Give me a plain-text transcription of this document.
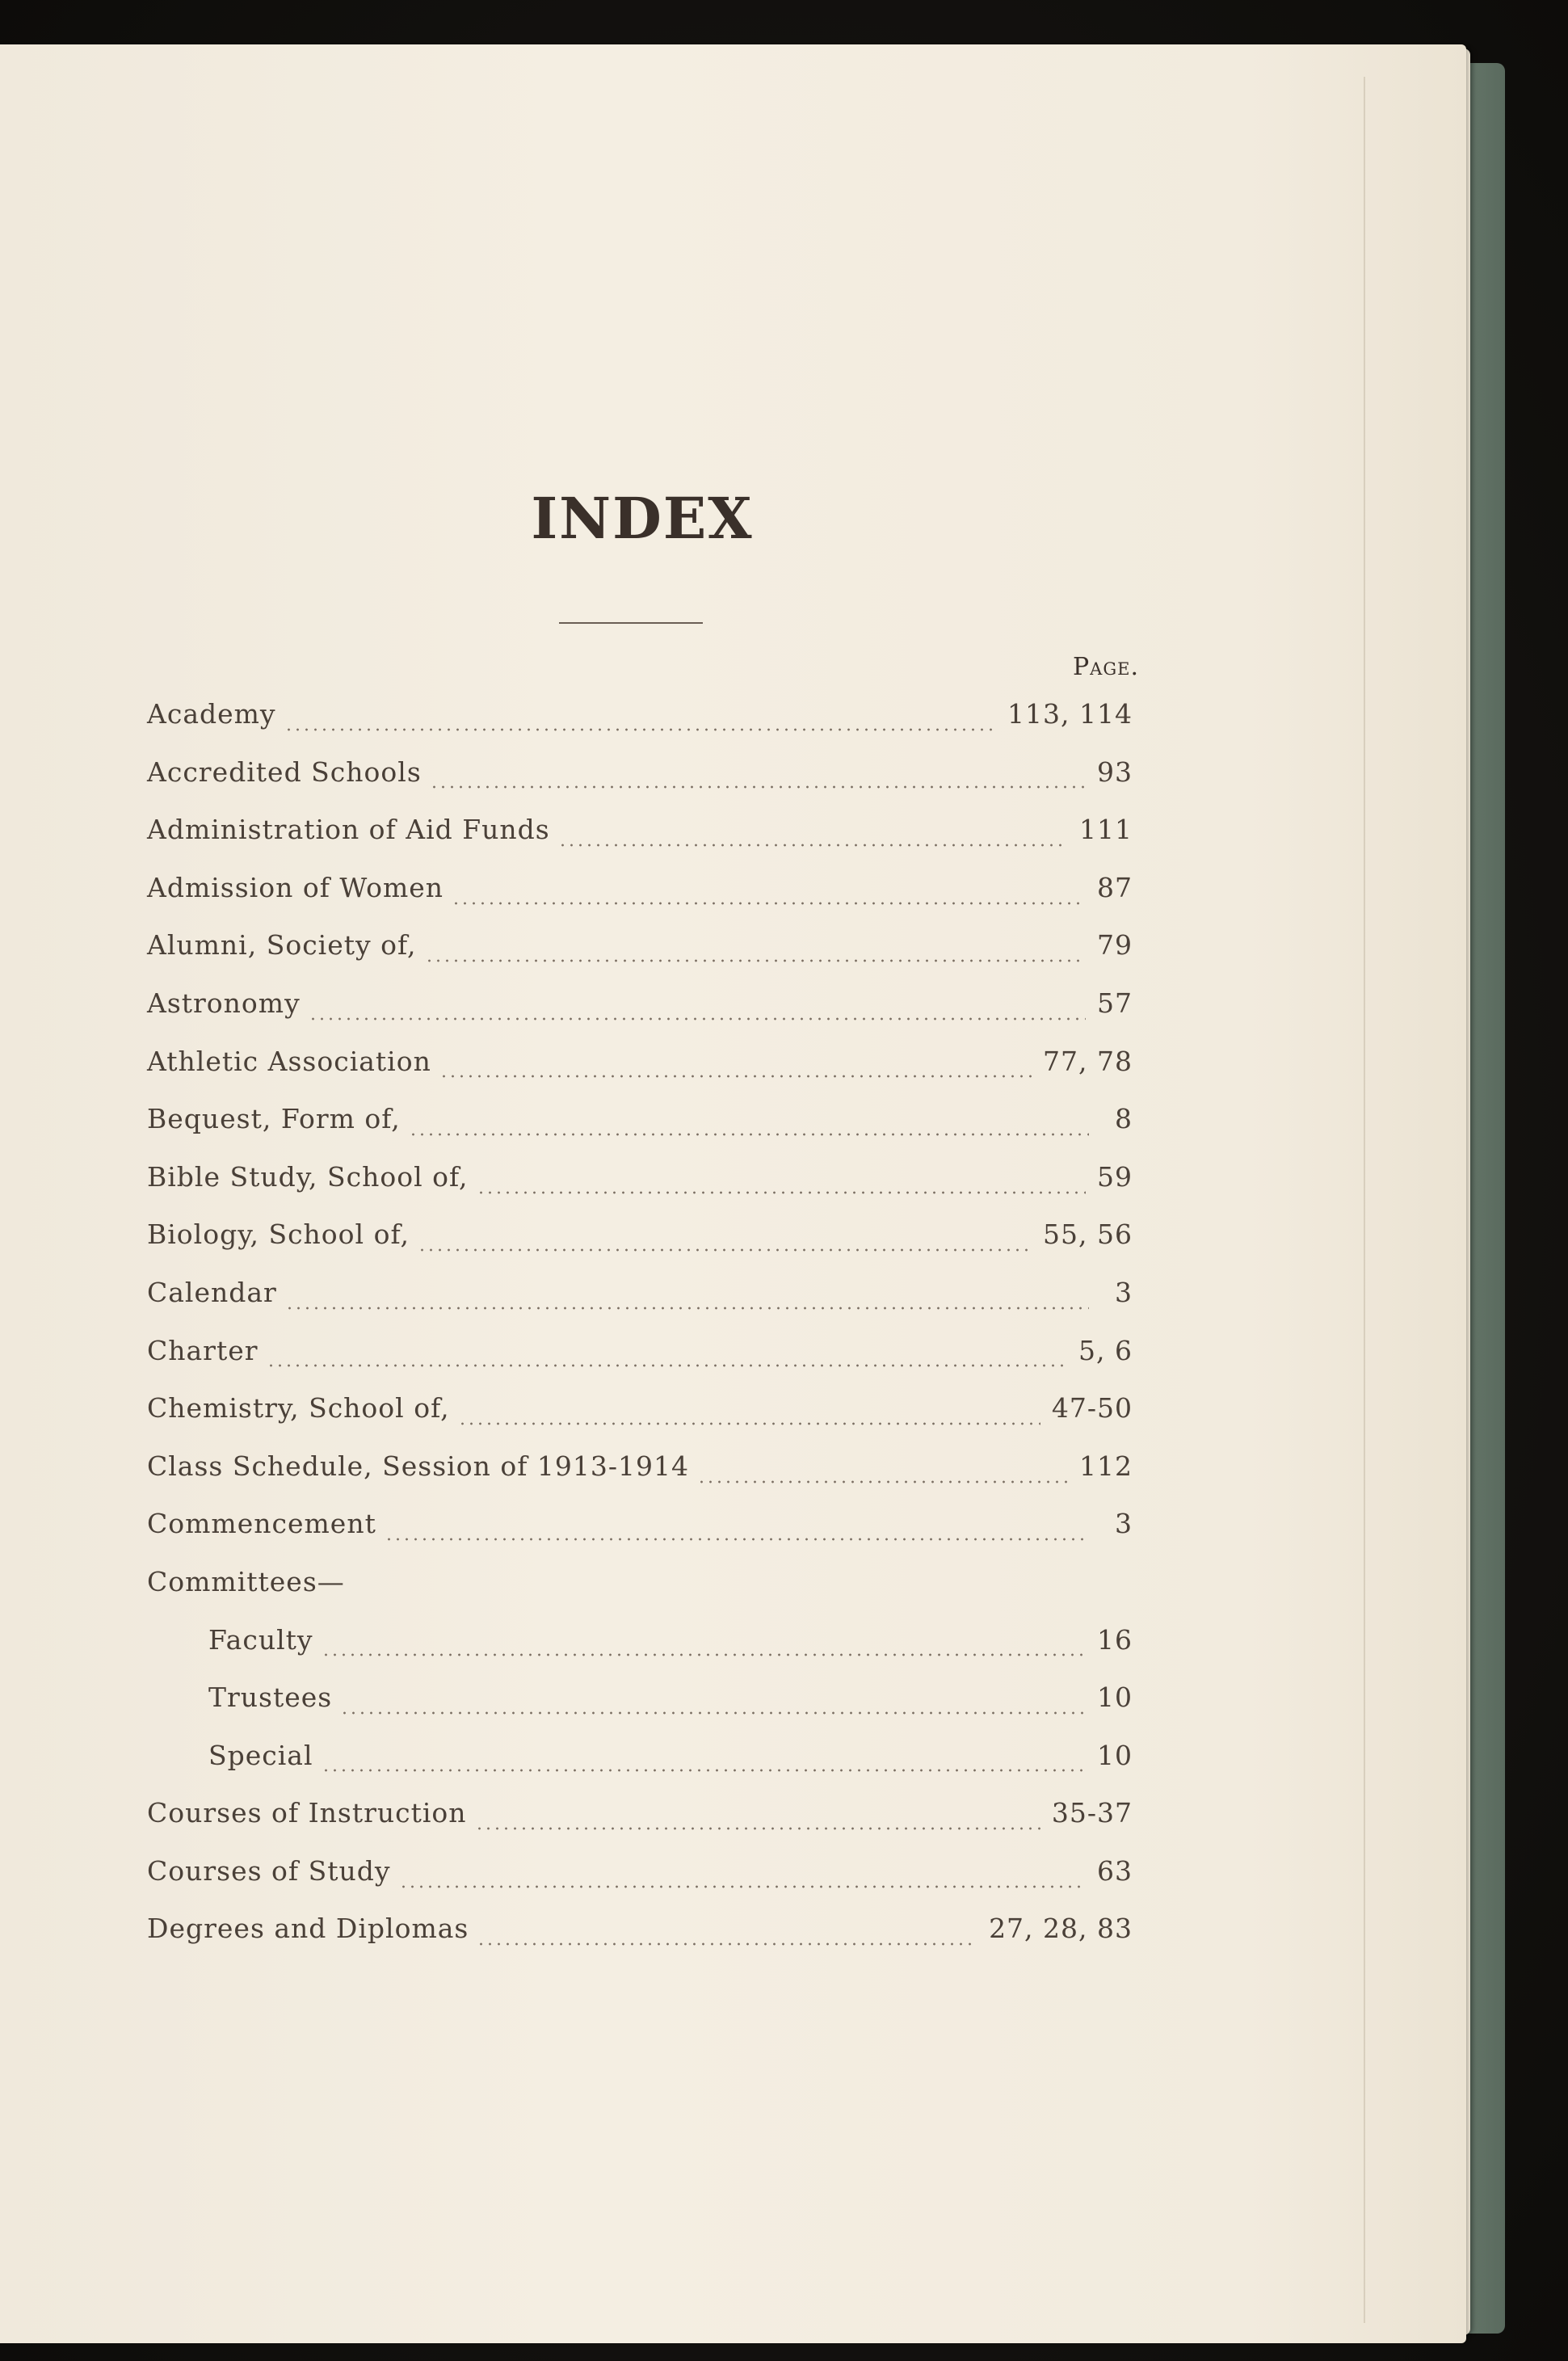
INDEX
Page.
Academy	113, 114
Accredited Schools	93
Administration of Aid Funds	111
Admission of Women	87
Alumni, Society of,	79
Astronomy	57
Athletic Association	77, 78
Bequest, Form of,	8
Bible Study, School of,	59
Biology, School of,	55, 56
Calendar	3
Charter	5, 6
Chemistry, School of,	47-50
Class Schedule, Session of 1913-1914	112
Commencement	3
Committees—
Faculty	16
Trustees	10
Special	10
Courses of Instruction	35-37
Courses of Study	63
Degrees and Diplomas	27, 28, 83
